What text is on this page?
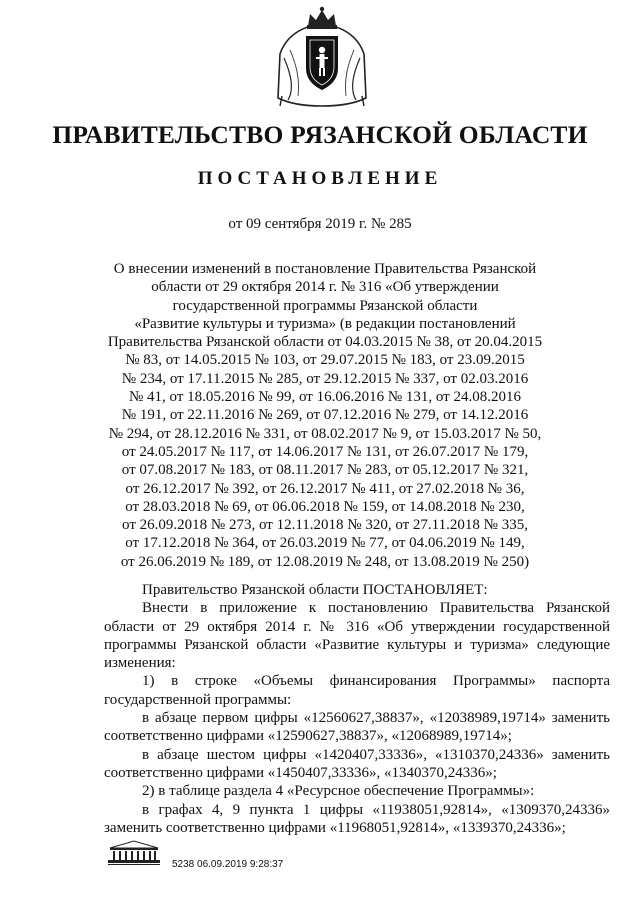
ПРАВИТЕЛЬСТВО РЯЗАНСКОЙ ОБЛАСТИ
ПОСТАНОВЛЕНИЕ
от 09 сентября 2019 г. № 285
О внесении изменений в постановление Правительства Рязанской
области от 29 октября 2014 г. № 316 «Об утверждении
государственной программы Рязанской области
«Развитие культуры и туризма» (в редакции постановлений
Правительства Рязанской области от 04.03.2015 № 38, от 20.04.2015
№ 83, от 14.05.2015 № 103, от 29.07.2015 № 183, от 23.09.2015
№ 234, от 17.11.2015 № 285, от 29.12.2015 № 337, от 02.03.2016
№ 41, от 18.05.2016 № 99, от 16.06.2016 № 131, от 24.08.2016
№ 191, от 22.11.2016 № 269, от 07.12.2016 № 279, от 14.12.2016
№ 294, от 28.12.2016 № 331, от 08.02.2017 № 9, от 15.03.2017 № 50,
от 24.05.2017 № 117, от 14.06.2017 № 131, от 26.07.2017 № 179,
от 07.08.2017 № 183, от 08.11.2017 № 283, от 05.12.2017 № 321,
от 26.12.2017 № 392, от 26.12.2017 № 411, от 27.02.2018 № 36,
от 28.03.2018 № 69, от 06.06.2018 № 159, от 14.08.2018 № 230,
от 26.09.2018 № 273, от 12.11.2018 № 320, от 27.11.2018 № 335,
от 17.12.2018 № 364, от 26.03.2019 № 77, от 04.06.2019 № 149,
от 26.06.2019 № 189, от 12.08.2019 № 248, от 13.08.2019 № 250)

Правительство Рязанской области ПОСТАНОВЛЯЕТ:

Внести в приложение к постановлению Правительства Рязанской области от 29 октября 2014 г. № 316 «Об утверждении государственной программы Рязанской области «Развитие культуры и туризма» следующие изменения:

1) в строке «Объемы финансирования Программы» паспорта государственной программы:

в абзаце первом цифры «12560627,38837», «12038989,19714» заменить соответственно цифрами «12590627,38837», «12068989,19714»;

в абзаце шестом цифры «1420407,33336», «1310370,24336» заменить соответственно цифрами «1450407,33336», «1340370,24336»;

2) в таблице раздела 4 «Ресурсное обеспечение Программы»:

в графах 4, 9 пункта 1 цифры «11938051,92814», «1309370,24336» заменить соответственно цифрами «11968051,92814», «1339370,24336»;

5238 06.09.2019 9:28:37
